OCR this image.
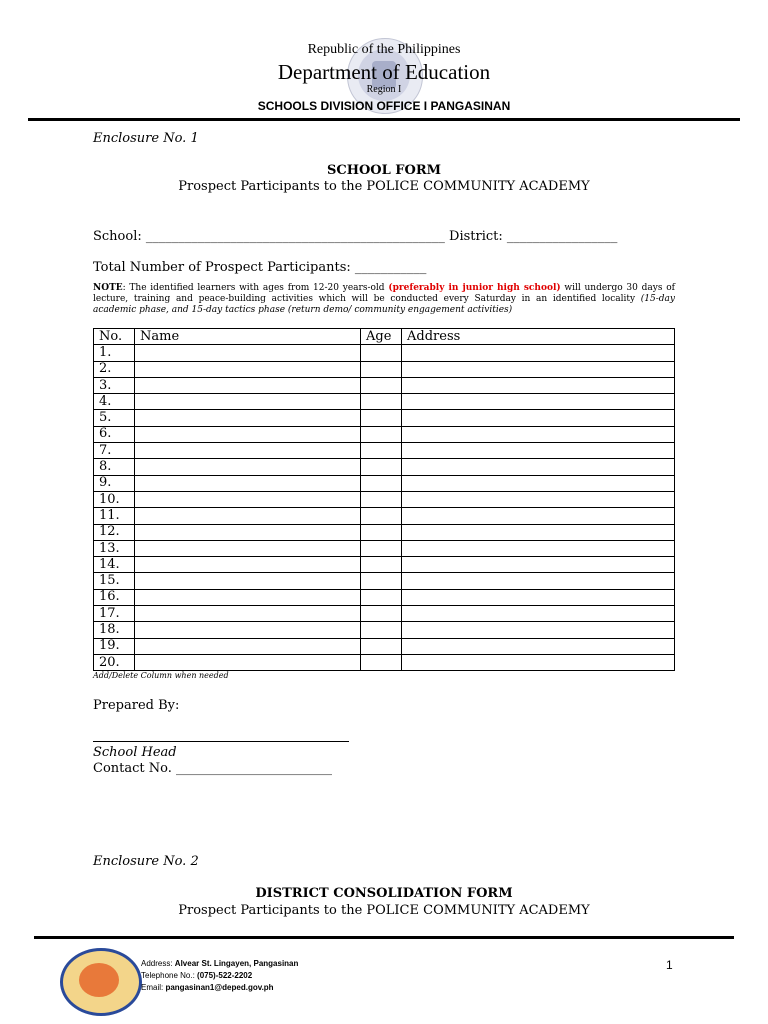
Republic of the Philippines
Department of Education
Region I
SCHOOLS DIVISION OFFICE I PANGASINAN
Enclosure No. 1
SCHOOL FORM
Prospect Participants to the POLICE COMMUNITY ACADEMY
School: ______________________________________________ District: _________________
Total Number of Prospect Participants: ___________
NOTE: The identified learners with ages from 12-20 years-old (preferably in junior high school) will undergo 30 days of lecture, training and peace-building activities which will be conducted every Saturday in an identified locality (15-day academic phase, and 15-day tactics phase (return demo/ community engagement activities)
No.	Name	Age	Address
1.			
2.			
3.			
4.			
5.			
6.			
7.			
8.			
9.			
10.			
11.			
12.			
13.			
14.			
15.			
16.			
17.			
18.			
19.			
20.			
Add/Delete Column when needed
Prepared By:
School Head
Contact No. ________________________
Enclosure No. 2
DISTRICT CONSOLIDATION FORM
Prospect Participants to the POLICE COMMUNITY ACADEMY
Address: Alvear St. Lingayen, Pangasinan
Telephone No.: (075)-522-2202
Email: pangasinan1@deped.gov.ph
1
